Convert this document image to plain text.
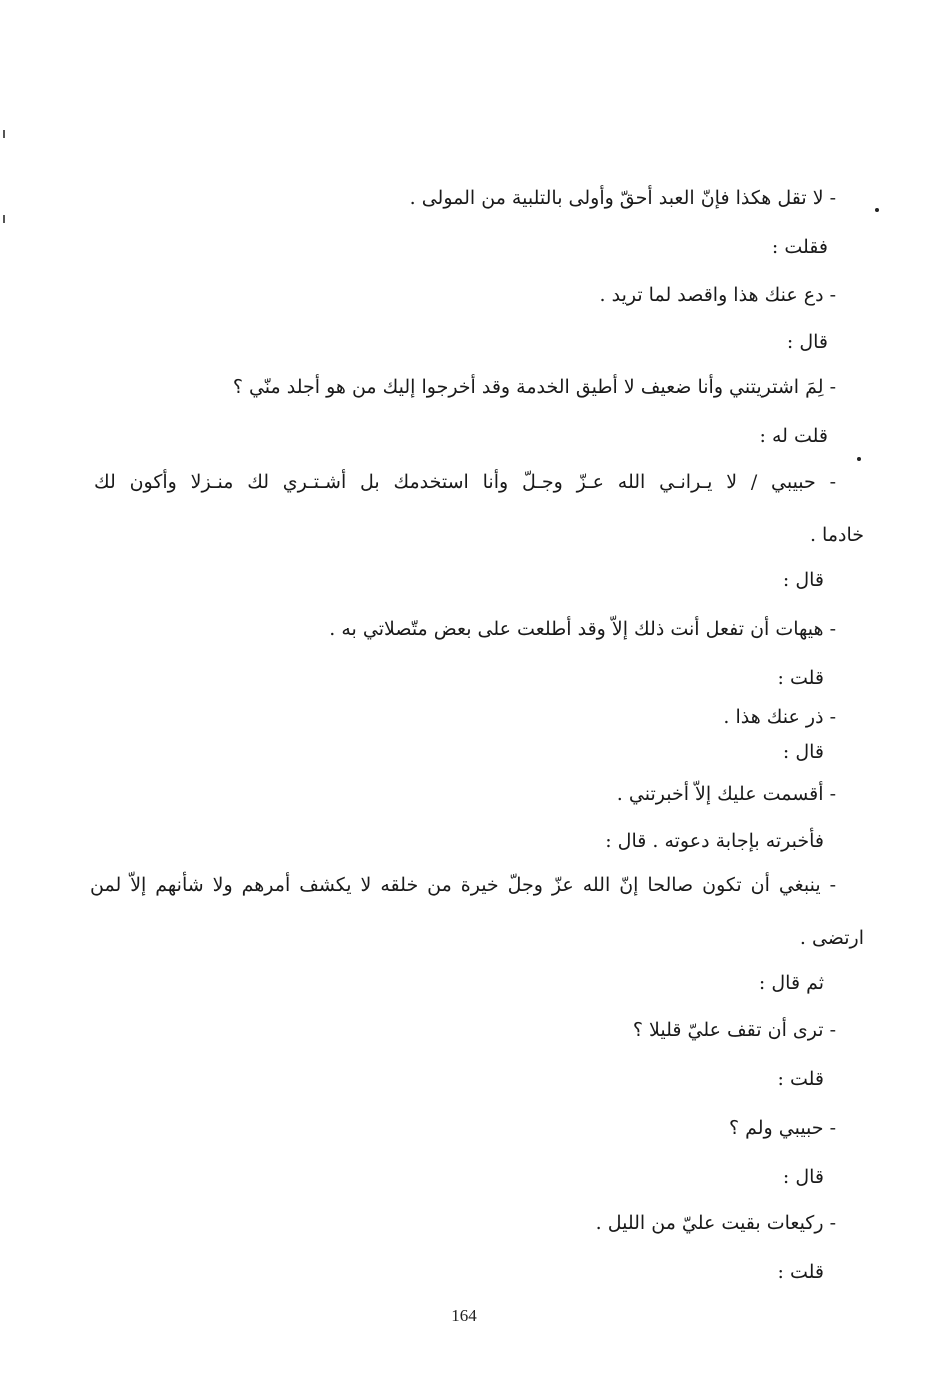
- لا تقل هكذا فإنّ العبد أحقّ وأولى بالتلبية من المولى .
فقلت :
- دع عنك هذا واقصد لما تريد .
قال :
- لِمَ اشتريتني وأنا ضعيف لا أطيق الخدمة وقد أخرجوا إليك من هو أجلد منّي ؟
قلت له :
- حبيبي / لا يـرانـي الله عـزّ وجـلّ وأنا استخدمك بل أشـتـري لك منـزلا وأكون لك
خادما .
قال :
- هيهات أن تفعل أنت ذلك إلاّ وقد أطلعت على بعض متّصلاتي به .
قلت :
- ذر عنك هذا .
قال :
- أقسمت عليك إلاّ أخبرتني .
فأخبرته بإجابة دعوته . قال :
- ينبغي أن تكون صالحا إنّ الله عزّ وجلّ خيرة من خلقه لا يكشف أمرهم ولا شأنهم إلاّ لمن
ارتضى .
ثم قال :
- ترى أن تقف عليّ قليلا ؟
قلت :
- حبيبي ولم ؟
قال :
- ركيعات بقيت عليّ من الليل .
قلت :
164
